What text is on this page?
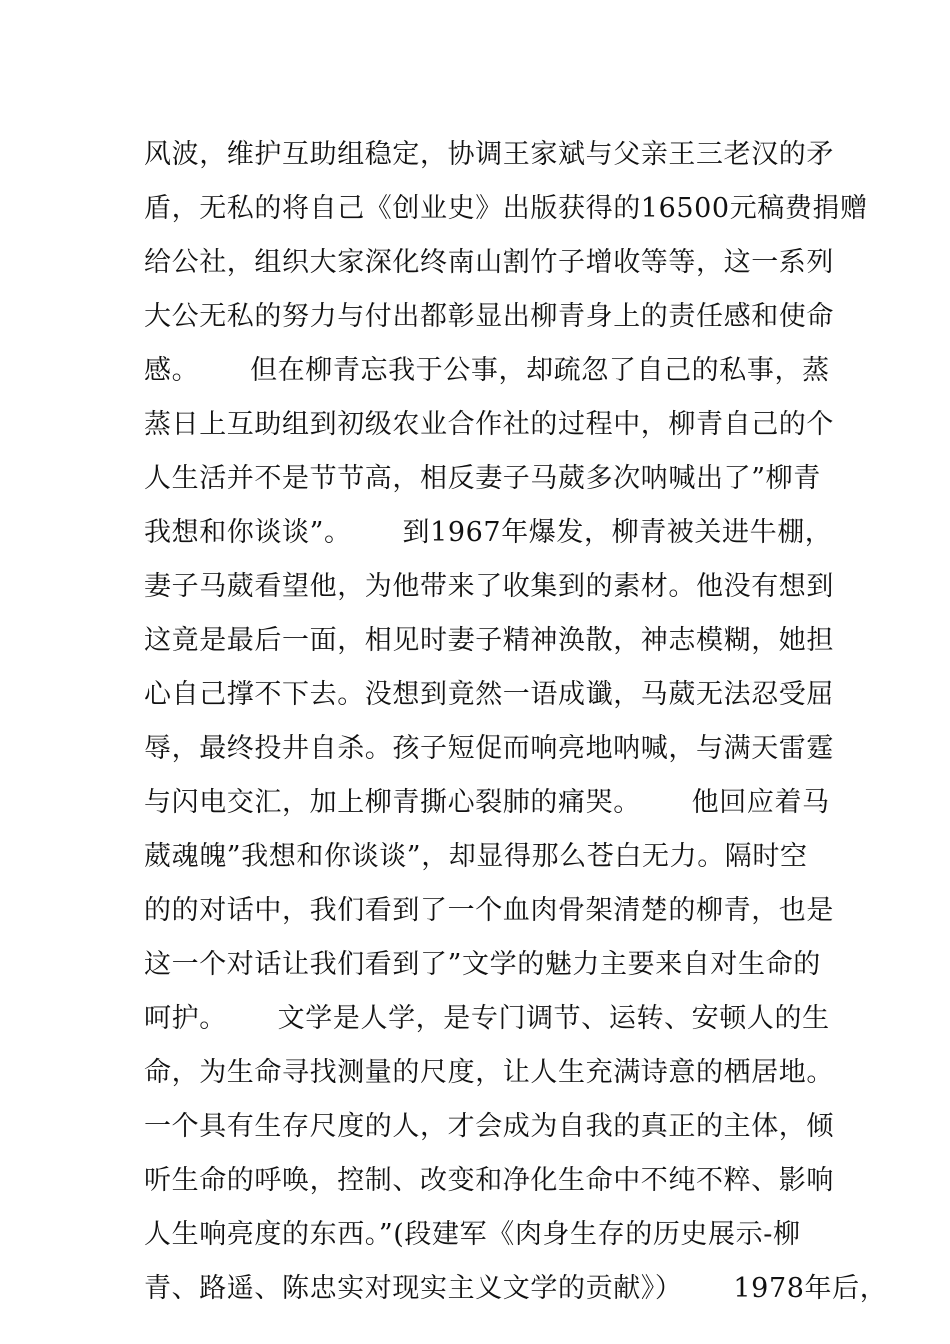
风波，维护互助组稳定，协调王家斌与父亲王三老汉的矛
盾，无私的将自己《创业史》出版获得的16500元稿费捐赠
给公社，组织大家深化终南山割竹子增收等等，这一系列
大公无私的努力与付出都彰显出柳青身上的责任感和使命
感。　　 但在柳青忘我于公事，却疏忽了自己的私事，蒸
蒸日上互助组到初级农业合作社的过程中，柳青自己的个
人生活并不是节节高，相反妻子马葳多次呐喊出了”柳青
我想和你谈谈”。　　 到1967年爆发，柳青被关进牛棚，
妻子马葳看望他，为他带来了收集到的素材。他没有想到
这竟是最后一面，相见时妻子精神涣散，神志模糊，她担
心自己撑不下去。没想到竟然一语成谶，马葳无法忍受屈
辱，最终投井自杀。孩子短促而响亮地呐喊，与满天雷霆
与闪电交汇，加上柳青撕心裂肺的痛哭。　　 他回应着马
葳魂魄”我想和你谈谈”，却显得那么苍白无力。隔时空
的的对话中，我们看到了一个血肉骨架清楚的柳青，也是
这一个对话让我们看到了”文学的魅力主要来自对生命的
呵护。　　 文学是人学，是专门调节、运转、安顿人的生
命，为生命寻找测量的尺度，让人生充满诗意的栖居地。
一个具有生存尺度的人，才会成为自我的真正的主体，倾
听生命的呼唤，控制、改变和净化生命中不纯不粹、影响
人生响亮度的东西。”(段建军《肉身生存的历史展示-柳
青、路遥、陈忠实对现实主义文学的贡献》）　　 1978年后，
